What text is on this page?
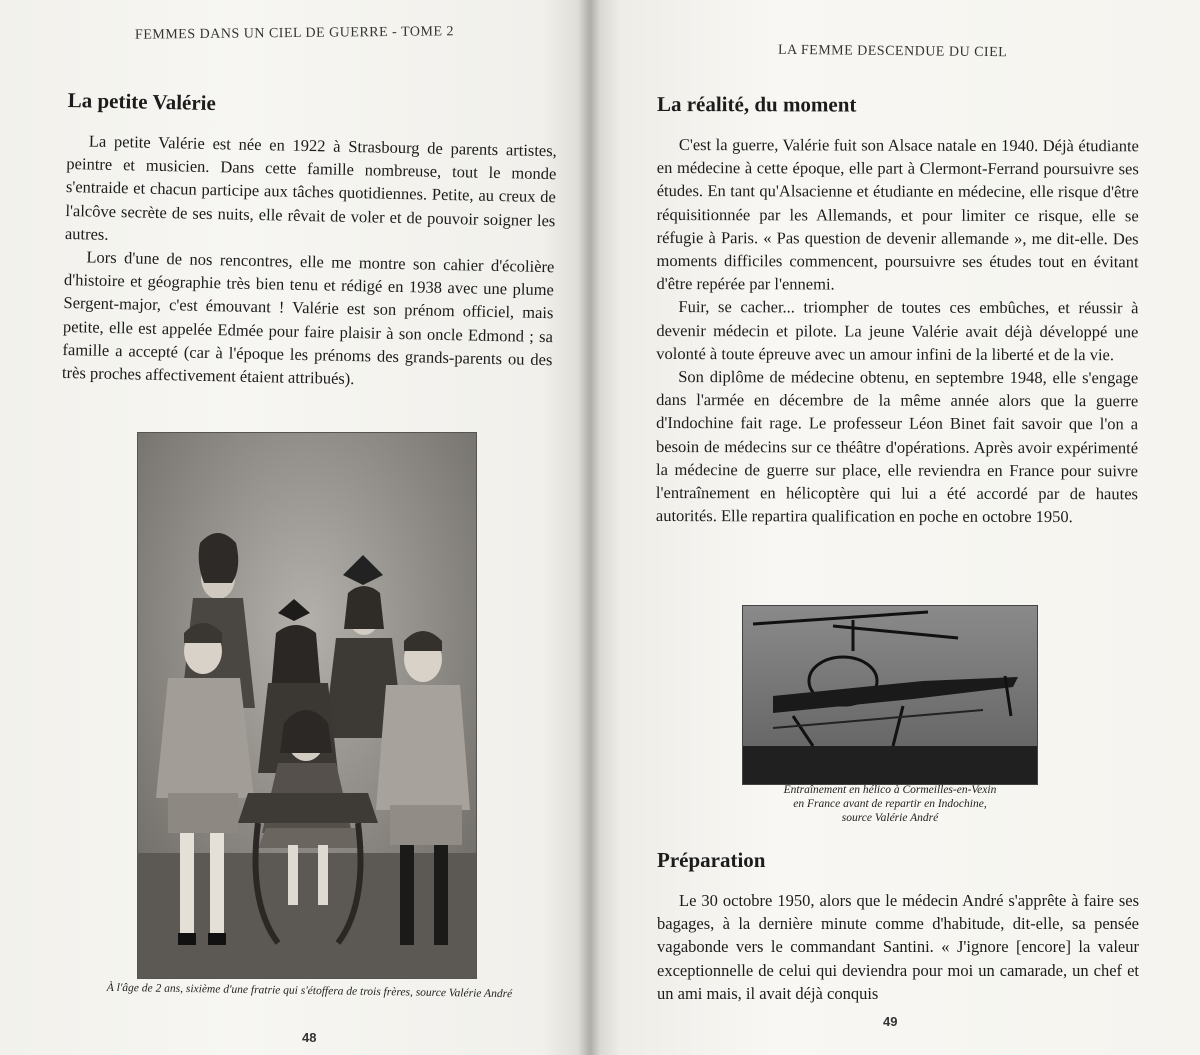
FEMMES DANS UN CIEL DE GUERRE - TOME 2
La petite Valérie

La petite Valérie est née en 1922 à Strasbourg de parents artistes, peintre et musicien. Dans cette famille nombreuse, tout le monde s'entraide et chacun participe aux tâches quotidiennes. Petite, au creux de l'alcôve secrète de ses nuits, elle rêvait de voler et de pouvoir soigner les autres.

Lors d'une de nos rencontres, elle me montre son cahier d'écolière d'histoire et géographie très bien tenu et rédigé en 1938 avec une plume Sergent-major, c'est émouvant ! Valérie est son prénom officiel, mais petite, elle est appelée Edmée pour faire plaisir à son oncle Edmond ; sa famille a accepté (car à l'époque les prénoms des grands-parents ou des très proches affectivement étaient attribués).

À l'âge de 2 ans, sixième d'une fratrie qui s'étoffera de trois frères, source Valérie André
48
LA FEMME DESCENDUE DU CIEL
La réalité, du moment

C'est la guerre, Valérie fuit son Alsace natale en 1940. Déjà étudiante en médecine à cette époque, elle part à Clermont-Ferrand poursuivre ses études. En tant qu'Alsacienne et étudiante en médecine, elle risque d'être réquisitionnée par les Allemands, et pour limiter ce risque, elle se réfugie à Paris. « Pas question de devenir allemande », me dit-elle. Des moments difficiles commencent, poursuivre ses études tout en évitant d'être repérée par l'ennemi.

Fuir, se cacher... triompher de toutes ces embûches, et réussir à devenir médecin et pilote. La jeune Valérie avait déjà développé une volonté à toute épreuve avec un amour infini de la liberté et de la vie.

Son diplôme de médecine obtenu, en septembre 1948, elle s'engage dans l'armée en décembre de la même année alors que la guerre d'Indochine fait rage. Le professeur Léon Binet fait savoir que l'on a besoin de médecins sur ce théâtre d'opérations. Après avoir expérimenté la médecine de guerre sur place, elle reviendra en France pour suivre l'entraînement en hélicoptère qui lui a été accordé par de hautes autorités. Elle repartira qualification en poche en octobre 1950.

Entraînement en hélico à Cormeilles-en-Vexin
en France avant de repartir en Indochine,
source Valérie André
Préparation

Le 30 octobre 1950, alors que le médecin André s'apprête à faire ses bagages, à la dernière minute comme d'habitude, dit-elle, sa pensée vagabonde vers le commandant Santini. « J'ignore [encore] la valeur exceptionnelle de celui qui deviendra pour moi un camarade, un chef et un ami mais, il avait déjà conquis

49
